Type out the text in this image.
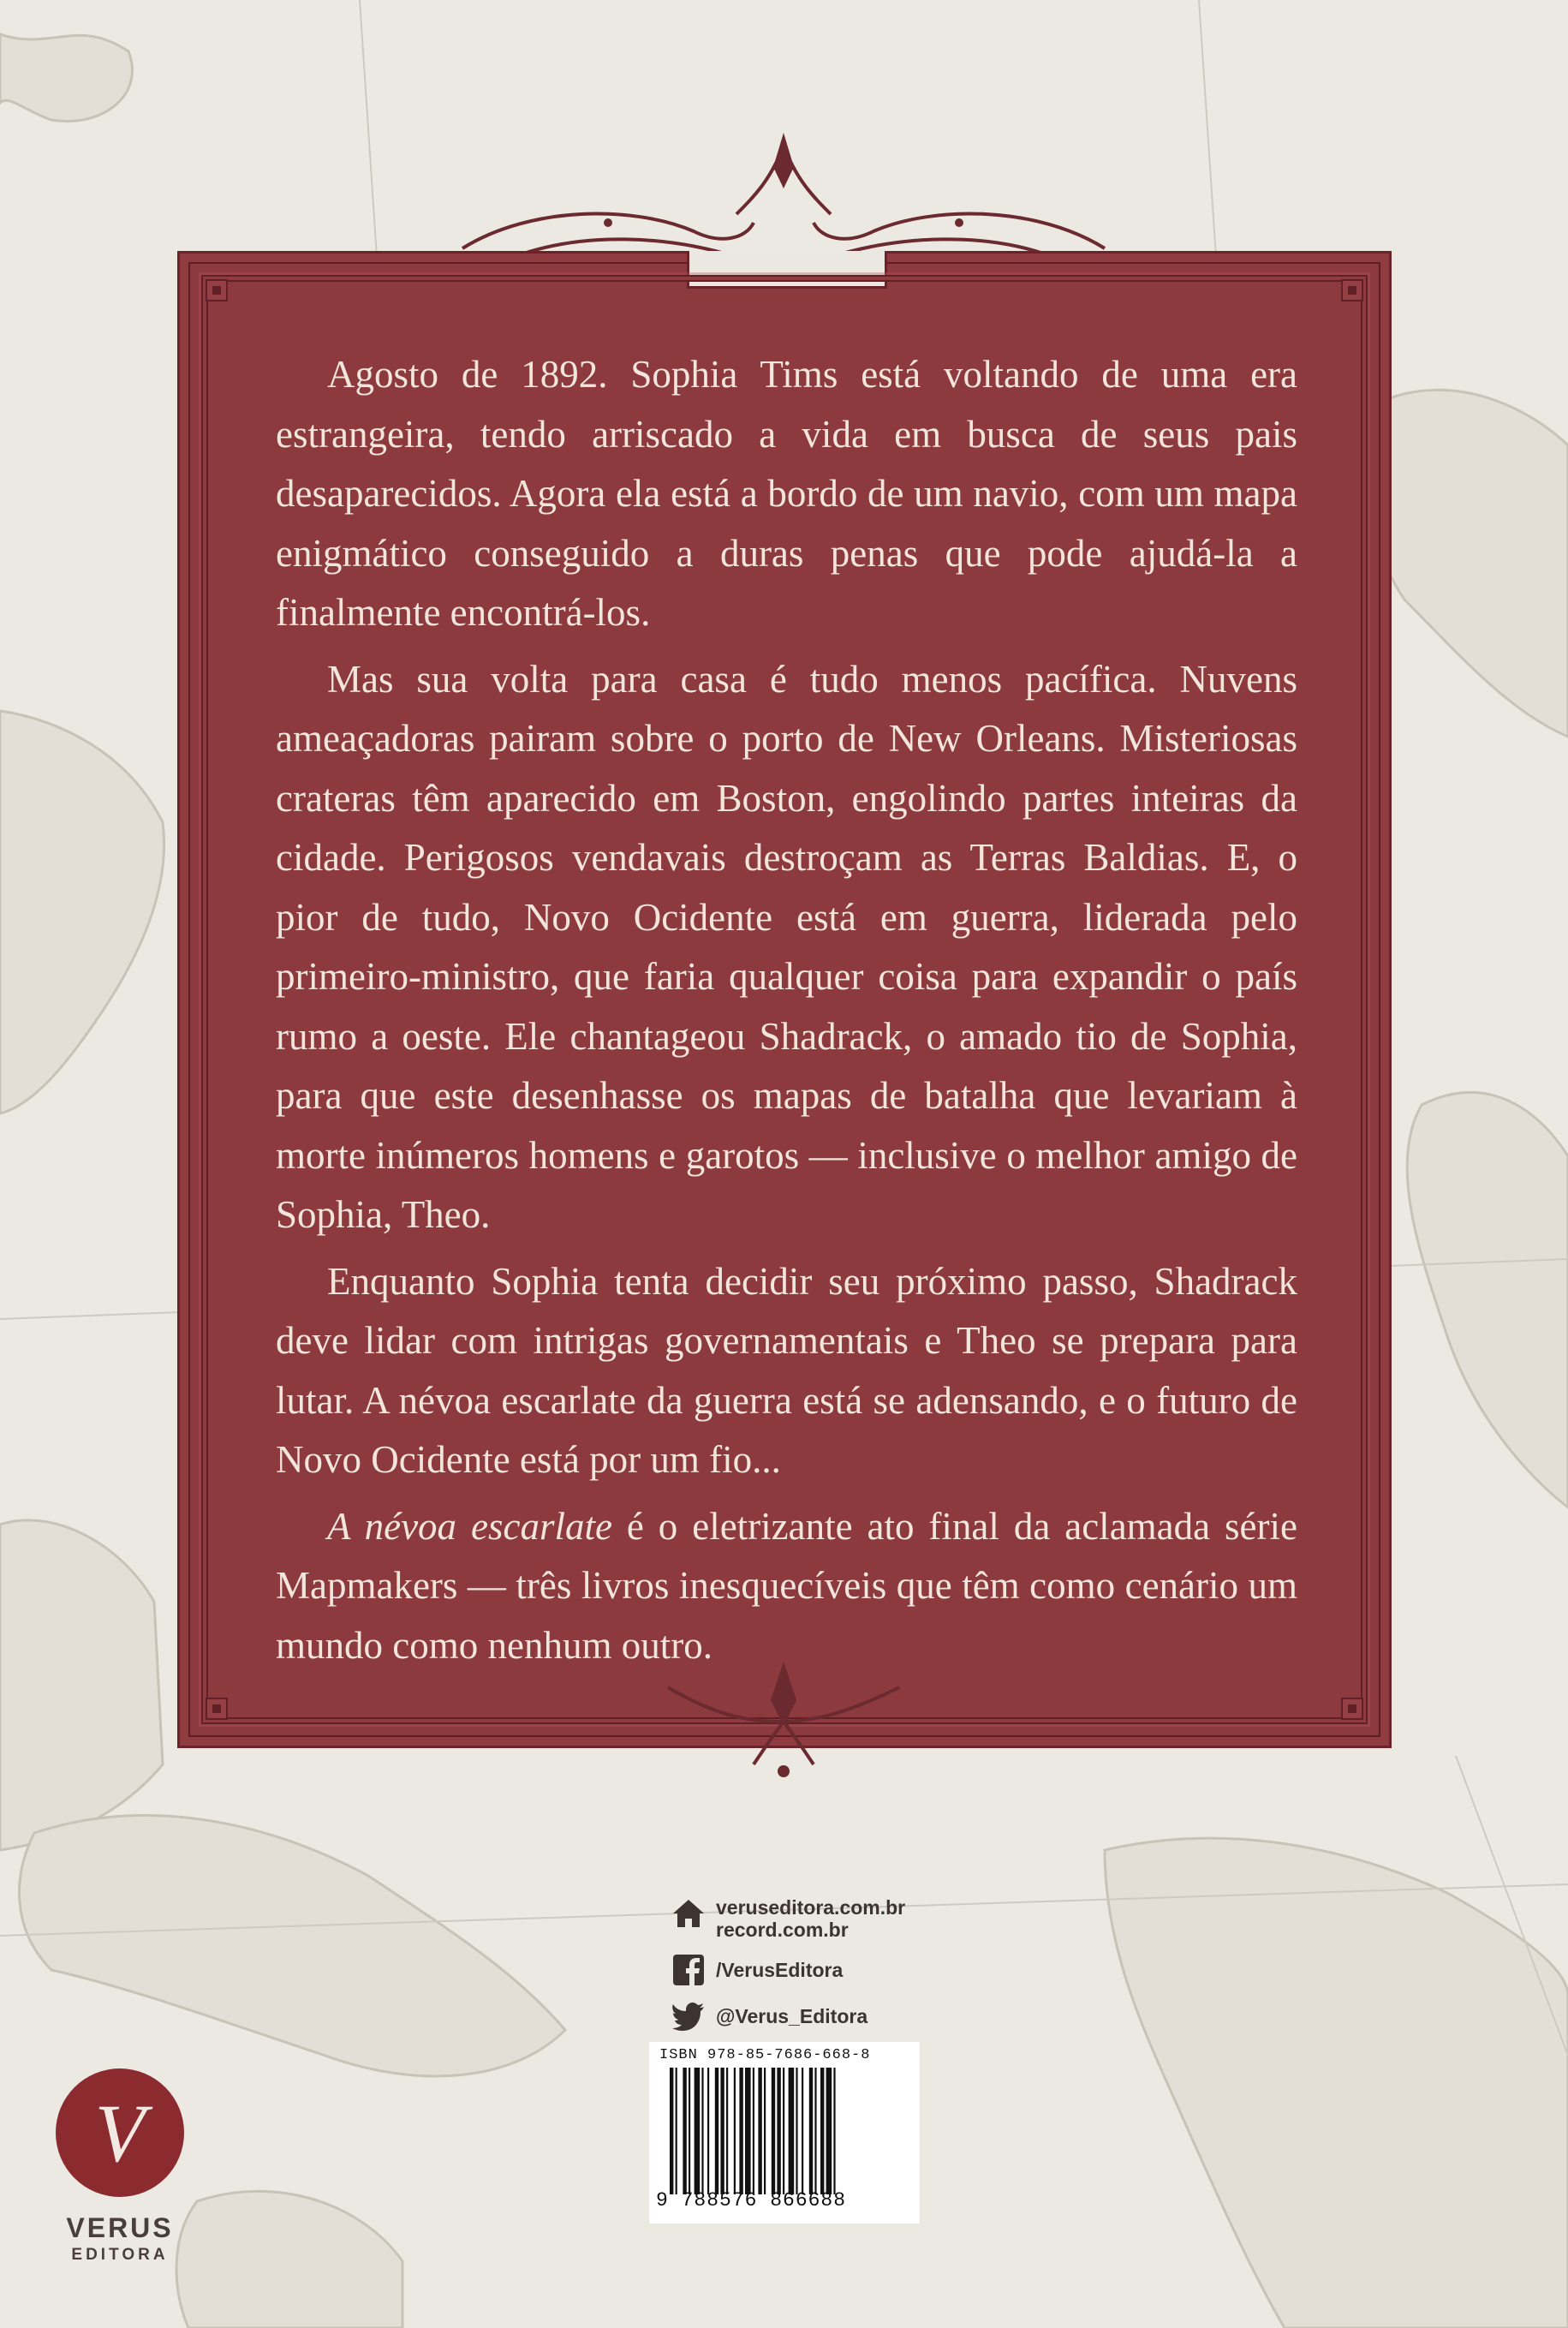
Agosto de 1892. Sophia Tims está voltando de uma era estrangeira, tendo arriscado a vida em busca de seus pais desaparecidos. Agora ela está a bordo de um navio, com um mapa enigmático conseguido a duras penas que pode ajudá-la a finalmente encontrá-los.

Mas sua volta para casa é tudo menos pacífica. Nuvens ameaçadoras pairam sobre o porto de New Orleans. Misteriosas crateras têm aparecido em Boston, engolindo partes inteiras da cidade. Perigosos vendavais destroçam as Terras Baldias. E, o pior de tudo, Novo Ocidente está em guerra, liderada pelo primeiro-ministro, que faria qualquer coisa para expandir o país rumo a oeste. Ele chantageou Shadrack, o amado tio de Sophia, para que este desenhasse os mapas de batalha que levariam à morte inúmeros homens e garotos — inclusive o melhor amigo de Sophia, Theo.

Enquanto Sophia tenta decidir seu próximo passo, Shadrack deve lidar com intrigas governamentais e Theo se prepara para lutar. A névoa escarlate da guerra está se adensando, e o futuro de Novo Ocidente está por um fio...

A névoa escarlate é o eletrizante ato final da aclamada série Mapmakers — três livros inesquecíveis que têm como cenário um mundo como nenhum outro.

veruseditora.com.br
record.com.br
/VerusEditora
@Verus_Editora
ISBN 978-85-7686-668-8
9 788576 866688
V
VERUS
EDITORA
